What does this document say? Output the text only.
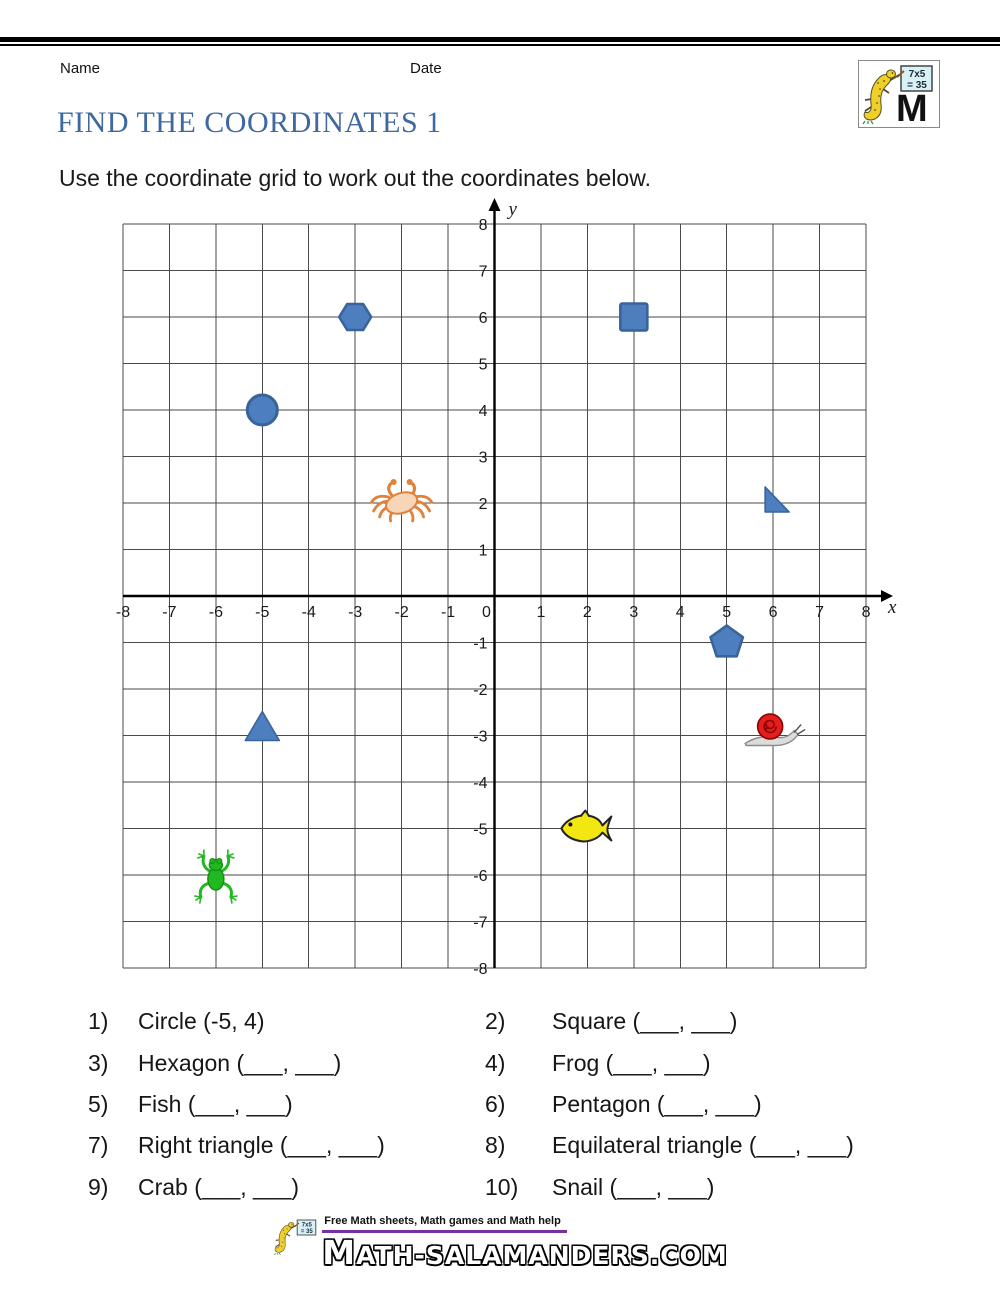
Name	Date	7x5
= 35
M
FIND THE COORDINATES 1
Use the coordinate grid to work out the coordinates below.
-8 -7 -6 -5 -4 -3 -2 -1 0	1 2 3 4 5 6 7 8
-8
-7
-6
-5
-4
-3
-2
-1
1
2
3
4
5
6
7
8
y
x
1)	Circle (-5, 4)	2)	Square (___, ___)
3)	Hexagon (___, ___)	4)	Frog (___, ___)
5)	Fish (___, ___)	6)	Pentagon (___, ___)
7)	Right triangle (___, ___)	8)	Equilateral triangle (___, ___)
9)	Crab (___, ___)	10)	Snail (___, ___)
Free Math sheets, Math games and Math help
MATH-SALAMANDERS.COM
